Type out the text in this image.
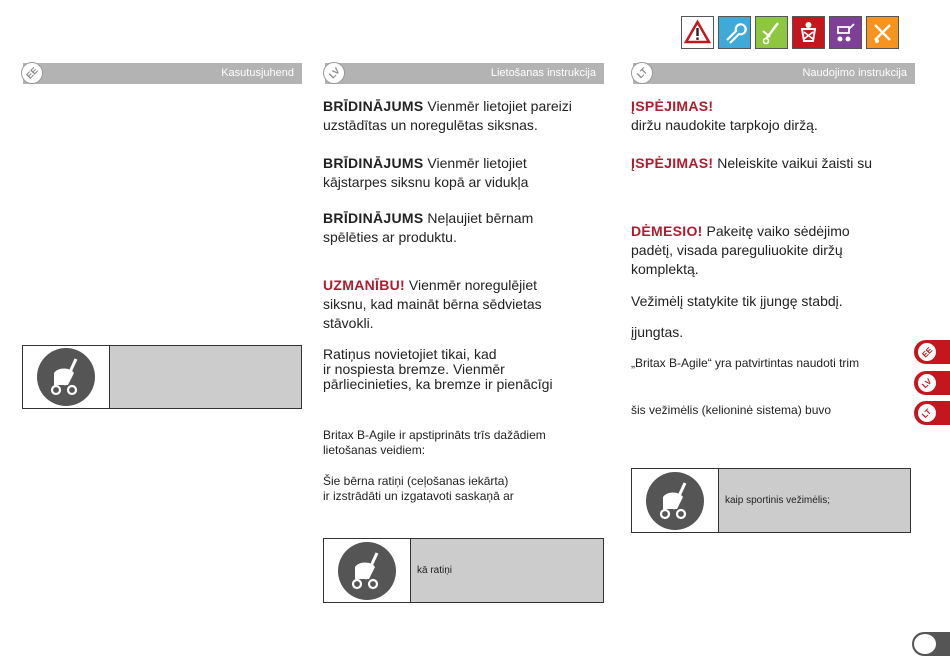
Kasutusjuhend
EE	Lietošanas instrukcija
LV	Naudojimo instrukcija
LT
BRĪDINĀJUMS Vienmēr lietojiet pareizi
uzstādītas un noregulētas siksnas.
BRĪDINĀJUMS Vienmēr lietojiet
kājstarpes siksnu kopā ar vidukļa
BRĪDINĀJUMS Neļaujiet bērnam
spēlēties ar produktu.
UZMANĪBU! Vienmēr noregulējiet
siksnu, kad maināt bērna sēdvietas
stāvokli.
Ratiņus novietojiet tikai, kad
ir nospiesta bremze. Vienmēr
pārliecinieties, ka bremze ir pienācīgi
Britax B-Agile ir apstiprināts trīs dažādiem
lietošanas veidiem:
Šie bērna ratiņi (ceļošanas iekārta)
ir izstrādāti un izgatavoti saskaņā ar
kā ratiņi
ĮSPĖJIMAS!
diržu naudokite tarpkojo diržą.
ĮSPĖJIMAS! Neleiskite vaikui žaisti su
DĖMESIO! Pakeitę vaiko sėdėjimo
padėtį, visada pareguliuokite diržų
komplektą.
Vežimėlį statykite tik įjungę stabdį.
įjungtas.
„Britax B-Agile“ yra patvirtintas naudoti trim
šis vežimėlis (kelioninė sistema) buvo
kaip sportinis vežimėlis;
EE
LV
LT
